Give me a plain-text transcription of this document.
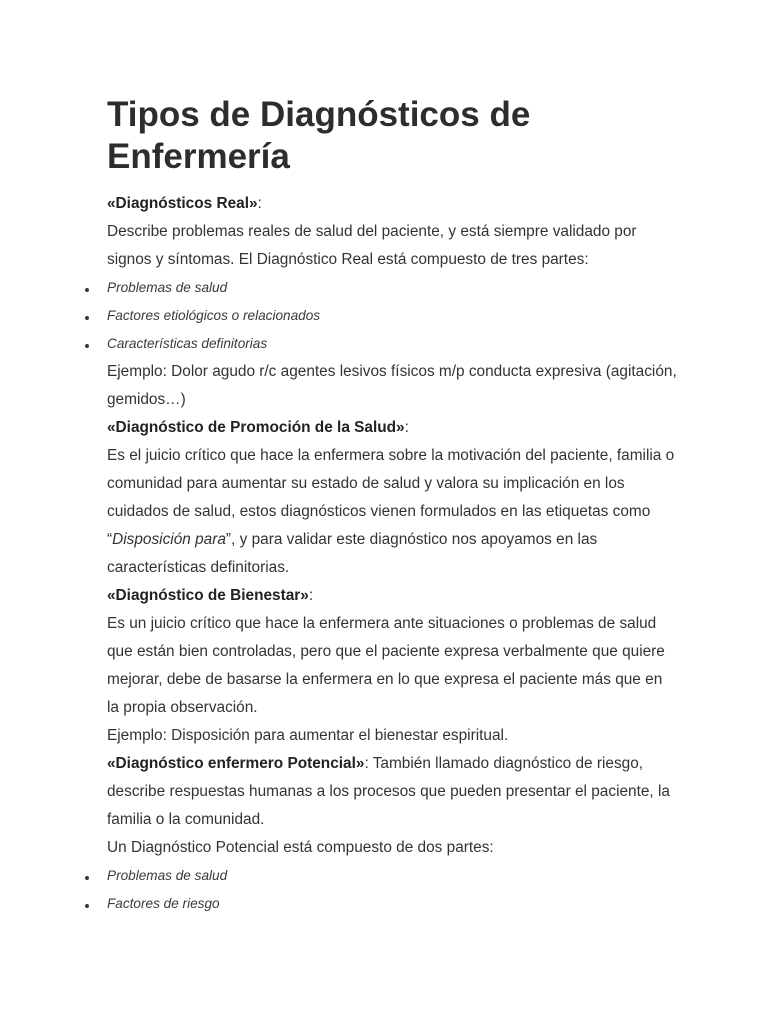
Tipos de Diagnósticos de Enfermería

«Diagnósticos Real»:

Describe problemas reales de salud del paciente, y está siempre validado por signos y síntomas. El Diagnóstico Real está compuesto de tres partes:

Problemas de salud
Factores etiológicos o relacionados
Características definitorias

Ejemplo: Dolor agudo r/c agentes lesivos físicos m/p conducta expresiva (agitación, gemidos…)

«Diagnóstico de Promoción de la Salud»:

Es el juicio crítico que hace la enfermera sobre la motivación del paciente, familia o comunidad para aumentar su estado de salud y valora su implicación en los cuidados de salud, estos diagnósticos vienen formulados en las etiquetas como “Disposición para”, y para validar este diagnóstico nos apoyamos en las características definitorias.

«Diagnóstico de Bienestar»:

Es un juicio crítico que hace la enfermera ante situaciones o problemas de salud que están bien controladas, pero que el paciente expresa verbalmente que quiere mejorar, debe de basarse la enfermera en lo que expresa el paciente más que en la propia observación.

Ejemplo: Disposición para aumentar el bienestar espiritual.

«Diagnóstico enfermero Potencial»: También llamado diagnóstico de riesgo, describe respuestas humanas a los procesos que pueden presentar el paciente, la familia o la comunidad.

Un Diagnóstico Potencial está compuesto de dos partes:

Problemas de salud
Factores de riesgo
